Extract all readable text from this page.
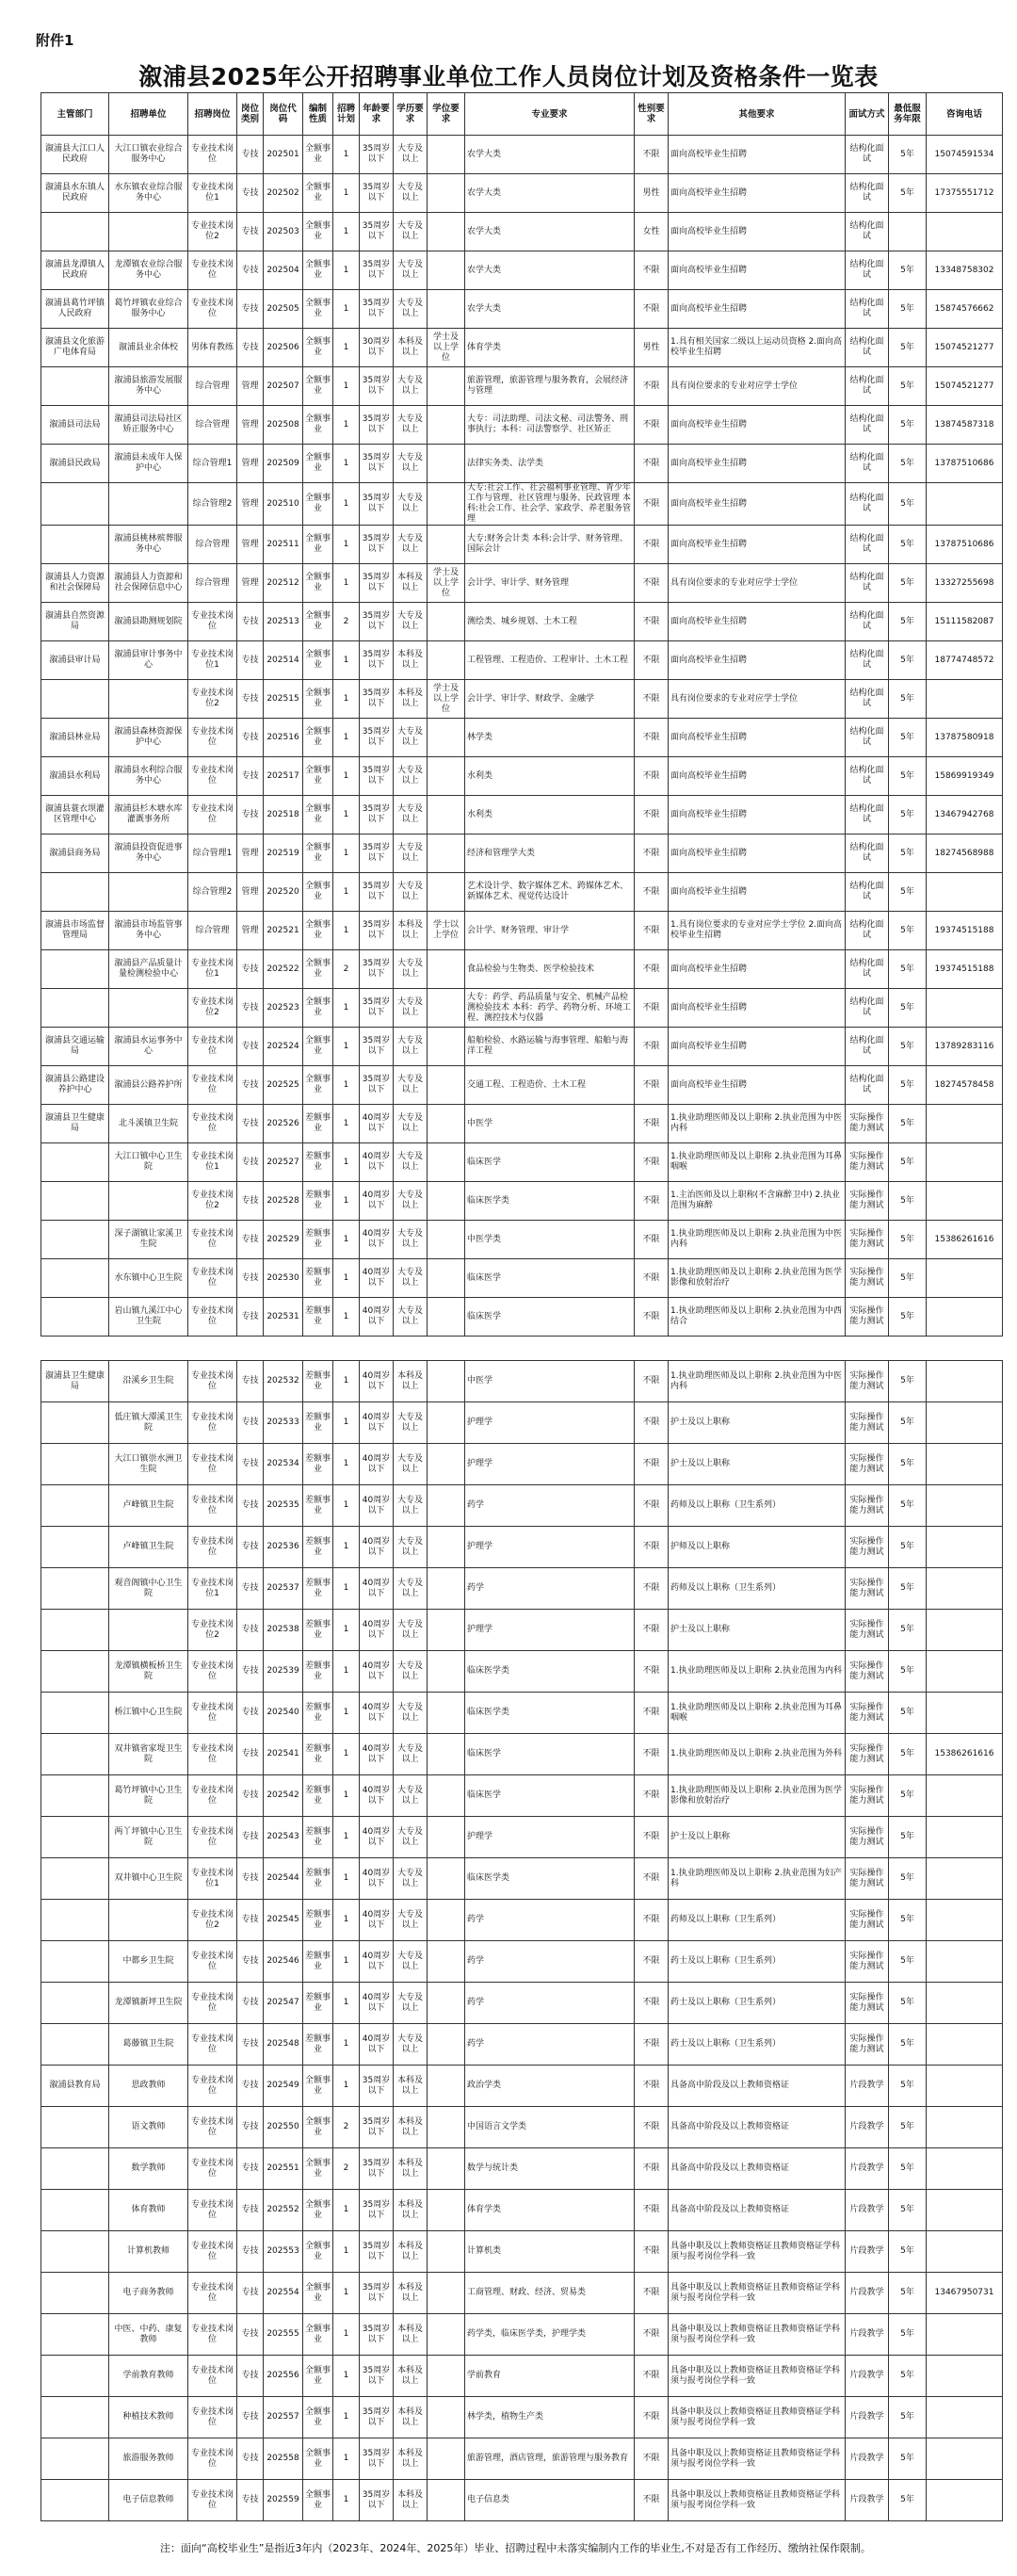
附件1
溆浦县2025年公开招聘事业单位工作人员岗位计划及资格条件一览表
主管部门	招聘单位	招聘岗位	岗位类别	岗位代码	编制性质	招聘计划	年龄要求	学历要求	学位要求	专业要求	性别要求	其他要求	面试方式	最低服务年限	咨询电话
溆浦县大江口人民政府	大江口镇农业综合服务中心	专业技术岗位	专技	202501	全额事业	1	35周岁以下	大专及以上		农学大类	不限	面向高校毕业生招聘	结构化面试	5年	15074591534
溆浦县水东镇人民政府	水东镇农业综合服务中心	专业技术岗位1	专技	202502	全额事业	1	35周岁以下	大专及以上		农学大类	男性	面向高校毕业生招聘	结构化面试	5年	17375551712
		专业技术岗位2	专技	202503	全额事业	1	35周岁以下	大专及以上		农学大类	女性	面向高校毕业生招聘	结构化面试		
溆浦县龙潭镇人民政府	龙潭镇农业综合服务中心	专业技术岗位	专技	202504	全额事业	1	35周岁以下	大专及以上		农学大类	不限	面向高校毕业生招聘	结构化面试	5年	13348758302
溆浦县葛竹坪镇人民政府	葛竹坪镇农业综合服务中心	专业技术岗位	专技	202505	全额事业	1	35周岁以下	大专及以上		农学大类	不限	面向高校毕业生招聘	结构化面试	5年	15874576662
溆浦县文化旅游广电体育局	溆浦县业余体校	男体育教练	专技	202506	全额事业	1	30周岁以下	本科及以上	学士及以上学位	体育学类	男性	1.具有相关国家二级以上运动员资格 2.面向高校毕业生招聘	结构化面试	5年	15074521277
	溆浦县旅游发展服务中心	综合管理	管理	202507	全额事业	1	35周岁以下	大专及以上		旅游管理，旅游管理与服务教育，会展经济与管理	不限	具有岗位要求的专业对应学士学位	结构化面试	5年	15074521277
溆浦县司法局	溆浦县司法局社区矫正服务中心	综合管理	管理	202508	全额事业	1	35周岁以下	大专及以上		大专：司法助理、司法文秘、司法警务、刑事执行；本科：司法警察学、社区矫正	不限	面向高校毕业生招聘	结构化面试	5年	13874587318
溆浦县民政局	溆浦县未成年人保护中心	综合管理1	管理	202509	全额事业	1	35周岁以下	大专及以上		法律实务类、法学类	不限	面向高校毕业生招聘	结构化面试	5年	13787510686
		综合管理2	管理	202510	全额事业	1	35周岁以下	大专及以上		大专:社会工作、社会福利事业管理、青少年工作与管理、社区管理与服务、民政管理 本科:社会工作、社会学、家政学、养老服务管理	不限	面向高校毕业生招聘	结构化面试	5年	
	溆浦县桃林殡葬服务中心	综合管理	管理	202511	全额事业	1	35周岁以下	大专及以上		大专:财务会计类 本科:会计学、财务管理、国际会计	不限	面向高校毕业生招聘	结构化面试	5年	13787510686
溆浦县人力资源和社会保障局	溆浦县人力资源和社会保障信息中心	综合管理	管理	202512	全额事业	1	35周岁以下	本科及以上	学士及以上学位	会计学、审计学、财务管理	不限	具有岗位要求的专业对应学士学位	结构化面试	5年	13327255698
溆浦县自然资源局	溆浦县勘测规划院	专业技术岗位	专技	202513	全额事业	2	35周岁以下	大专及以上		测绘类、城乡规划、土木工程	不限	面向高校毕业生招聘	结构化面试	5年	15111582087
溆浦县审计局	溆浦县审计事务中心	专业技术岗位1	专技	202514	全额事业	1	35周岁以下	本科及以上		工程管理、工程造价、工程审计、土木工程	不限	面向高校毕业生招聘	结构化面试	5年	18774748572
		专业技术岗位2	专技	202515	全额事业	1	35周岁以下	本科及以上	学士及以上学位	会计学、审计学、财政学、金融学	不限	具有岗位要求的专业对应学士学位	结构化面试	5年	
溆浦县林业局	溆浦县森林资源保护中心	专业技术岗位	专技	202516	全额事业	1	35周岁以下	大专及以上		林学类	不限	面向高校毕业生招聘	结构化面试	5年	13787580918
溆浦县水利局	溆浦县水利综合服务中心	专业技术岗位	专技	202517	全额事业	1	35周岁以下	大专及以上		水利类	不限	面向高校毕业生招聘	结构化面试	5年	15869919349
溆浦县蓑衣坝灌区管理中心	溆浦县杉木塘水库灌溉事务所	专业技术岗位	专技	202518	全额事业	1	35周岁以下	大专及以上		水利类	不限	面向高校毕业生招聘	结构化面试	5年	13467942768
溆浦县商务局	溆浦县投资促进事务中心	综合管理1	管理	202519	全额事业	1	35周岁以下	大专及以上		经济和管理学大类	不限	面向高校毕业生招聘	结构化面试	5年	18274568988
		综合管理2	管理	202520	全额事业	1	35周岁以下	大专及以上		艺术设计学、数字媒体艺术、跨媒体艺术、新媒体艺术、视觉传达设计	不限	面向高校毕业生招聘	结构化面试	5年	
溆浦县市场监督管理局	溆浦县市场监管事务中心	综合管理	管理	202521	全额事业	1	35周岁以下	本科及以上	学士以上学位	会计学、财务管理、审计学	不限	1.具有岗位要求的专业对应学士学位 2.面向高校毕业生招聘	结构化面试	5年	19374515188
	溆浦县产品质量计量检测检验中心	专业技术岗位1	专技	202522	全额事业	2	35周岁以下	大专及以上		食品检验与生物类、医学检验技术	不限	面向高校毕业生招聘	结构化面试	5年	19374515188
		专业技术岗位2	专技	202523	全额事业	1	35周岁以下	大专及以上		大专：药学、药品质量与安全、机械产品检测检验技术 本科：药学、药物分析、环境工程、测控技术与仪器	不限	面向高校毕业生招聘	结构化面试	5年	
溆浦县交通运输局	溆浦县水运事务中心	专业技术岗位	专技	202524	全额事业	1	35周岁以下	大专及以上		船舶检验、水路运输与海事管理、船舶与海洋工程	不限	面向高校毕业生招聘	结构化面试	5年	13789283116
溆浦县公路建设养护中心	溆浦县公路养护所	专业技术岗位	专技	202525	全额事业	1	35周岁以下	大专及以上		交通工程、工程造价、土木工程	不限	面向高校毕业生招聘	结构化面试	5年	18274578458
溆浦县卫生健康局	北斗溪镇卫生院	专业技术岗位	专技	202526	差额事业	1	40周岁以下	大专及以上		中医学	不限	1.执业助理医师及以上职称 2.执业范围为中医内科	实际操作能力测试	5年	
	大江口镇中心卫生院	专业技术岗位1	专技	202527	差额事业	1	40周岁以下	大专及以上		临床医学	不限	1.执业助理医师及以上职称 2.执业范围为耳鼻咽喉	实际操作能力测试	5年	
		专业技术岗位2	专技	202528	差额事业	1	40周岁以下	大专及以上		临床医学类	不限	1.主治医师及以上职称(不含麻醉卫中) 2.执业范围为麻醉	实际操作能力测试	5年	
	深子湖镇让家溪卫生院	专业技术岗位	专技	202529	差额事业	1	40周岁以下	大专及以上		中医学类	不限	1.执业助理医师及以上职称 2.执业范围为中医内科	实际操作能力测试	5年	15386261616
	水东镇中心卫生院	专业技术岗位	专技	202530	差额事业	1	40周岁以下	大专及以上		临床医学	不限	1.执业助理医师及以上职称 2.执业范围为医学影像和放射治疗	实际操作能力测试	5年	
	岩山镇九溪江中心卫生院	专业技术岗位	专技	202531	差额事业	1	40周岁以下	大专及以上		临床医学	不限	1.执业助理医师及以上职称 2.执业范围为中西结合	实际操作能力测试	5年	
溆浦县卫生健康局	沿溪乡卫生院	专业技术岗位	专技	202532	差额事业	1	40周岁以下	本科及以上		中医学	不限	1.执业助理医师及以上职称 2.执业范围为中医内科	实际操作能力测试	5年	
	低庄镇大潭溪卫生院	专业技术岗位	专技	202533	差额事业	1	40周岁以下	大专及以上		护理学	不限	护士及以上职称	实际操作能力测试	5年	
	大江口镇崇水洲卫生院	专业技术岗位	专技	202534	差额事业	1	40周岁以下	大专及以上		护理学	不限	护士及以上职称	实际操作能力测试	5年	
	卢峰镇卫生院	专业技术岗位	专技	202535	差额事业	1	40周岁以下	大专及以上		药学	不限	药师及以上职称（卫生系列）	实际操作能力测试	5年	
	卢峰镇卫生院	专业技术岗位	专技	202536	差额事业	1	40周岁以下	大专及以上		护理学	不限	护师及以上职称	实际操作能力测试	5年	
	观音阁镇中心卫生院	专业技术岗位1	专技	202537	差额事业	1	40周岁以下	大专及以上		药学	不限	药师及以上职称（卫生系列）	实际操作能力测试	5年	
		专业技术岗位2	专技	202538	差额事业	1	40周岁以下	大专及以上		护理学	不限	护士及以上职称	实际操作能力测试	5年	
	龙潭镇横板桥卫生院	专业技术岗位	专技	202539	差额事业	1	40周岁以下	大专及以上		临床医学类	不限	1.执业助理医师及以上职称 2.执业范围为内科	实际操作能力测试	5年	
	桥江镇中心卫生院	专业技术岗位	专技	202540	差额事业	1	40周岁以下	大专及以上		临床医学类	不限	1.执业助理医师及以上职称 2.执业范围为耳鼻咽喉	实际操作能力测试	5年	
	双井镇省家堤卫生院	专业技术岗位	专技	202541	差额事业	1	40周岁以下	大专及以上		临床医学	不限	1.执业助理医师及以上职称 2.执业范围为外科	实际操作能力测试	5年	15386261616
	葛竹坪镇中心卫生院	专业技术岗位	专技	202542	差额事业	1	40周岁以下	大专及以上		临床医学	不限	1.执业助理医师及以上职称 2.执业范围为医学影像和放射治疗	实际操作能力测试	5年	
	两丫坪镇中心卫生院	专业技术岗位	专技	202543	差额事业	1	40周岁以下	大专及以上		护理学	不限	护士及以上职称	实际操作能力测试	5年	
	双井镇中心卫生院	专业技术岗位1	专技	202544	差额事业	1	40周岁以下	大专及以上		临床医学类	不限	1.执业助理医师及以上职称 2.执业范围为妇产科	实际操作能力测试	5年	
		专业技术岗位2	专技	202545	差额事业	1	40周岁以下	大专及以上		药学	不限	药师及以上职称（卫生系列）	实际操作能力测试	5年	
	中都乡卫生院	专业技术岗位	专技	202546	差额事业	1	40周岁以下	大专及以上		药学	不限	药士及以上职称（卫生系列）	实际操作能力测试	5年	
	龙潭镇新坪卫生院	专业技术岗位	专技	202547	差额事业	1	40周岁以下	大专及以上		药学	不限	药士及以上职称（卫生系列）	实际操作能力测试	5年	
	葛藤镇卫生院	专业技术岗位	专技	202548	差额事业	1	40周岁以下	大专及以上		药学	不限	药士及以上职称（卫生系列）	实际操作能力测试	5年	
溆浦县教育局	思政教师	专业技术岗位	专技	202549	全额事业	1	35周岁以下	本科及以上		政治学类	不限	具备高中阶段及以上教师资格证	片段教学	5年	
	语文教师	专业技术岗位	专技	202550	全额事业	2	35周岁以下	本科及以上		中国语言文学类	不限	具备高中阶段及以上教师资格证	片段教学	5年	
	数学教师	专业技术岗位	专技	202551	全额事业	2	35周岁以下	本科及以上		数学与统计类	不限	具备高中阶段及以上教师资格证	片段教学	5年	
	体育教师	专业技术岗位	专技	202552	全额事业	1	35周岁以下	本科及以上		体育学类	不限	具备高中阶段及以上教师资格证	片段教学	5年	
	计算机教师	专业技术岗位	专技	202553	全额事业	1	35周岁以下	本科及以上		计算机类	不限	具备中职及以上教师资格证且教师资格证学科须与报考岗位学科一致	片段教学	5年	
	电子商务教师	专业技术岗位	专技	202554	全额事业	1	35周岁以下	本科及以上		工商管理、财政、经济、贸易类	不限	具备中职及以上教师资格证且教师资格证学科须与报考岗位学科一致	片段教学	5年	13467950731
	中医、中药、康复教师	专业技术岗位	专技	202555	全额事业	1	35周岁以下	本科及以上		药学类，临床医学类，护理学类	不限	具备中职及以上教师资格证且教师资格证学科须与报考岗位学科一致	片段教学	5年	
	学前教育教师	专业技术岗位	专技	202556	全额事业	1	35周岁以下	本科及以上		学前教育	不限	具备中职及以上教师资格证且教师资格证学科须与报考岗位学科一致	片段教学	5年	
	种植技术教师	专业技术岗位	专技	202557	全额事业	1	35周岁以下	本科及以上		林学类，植物生产类	不限	具备中职及以上教师资格证且教师资格证学科须与报考岗位学科一致	片段教学	5年	
	旅游服务教师	专业技术岗位	专技	202558	全额事业	1	35周岁以下	本科及以上		旅游管理，酒店管理，旅游管理与服务教育	不限	具备中职及以上教师资格证且教师资格证学科须与报考岗位学科一致	片段教学	5年	
	电子信息教师	专业技术岗位	专技	202559	全额事业	1	35周岁以下	本科及以上		电子信息类	不限	具备中职及以上教师资格证且教师资格证学科须与报考岗位学科一致	片段教学	5年	
注：面向“高校毕业生”是指近3年内（2023年、2024年、2025年）毕业、招聘过程中未落实编制内工作的毕业生,不对是否有工作经历、缴纳社保作限制。
